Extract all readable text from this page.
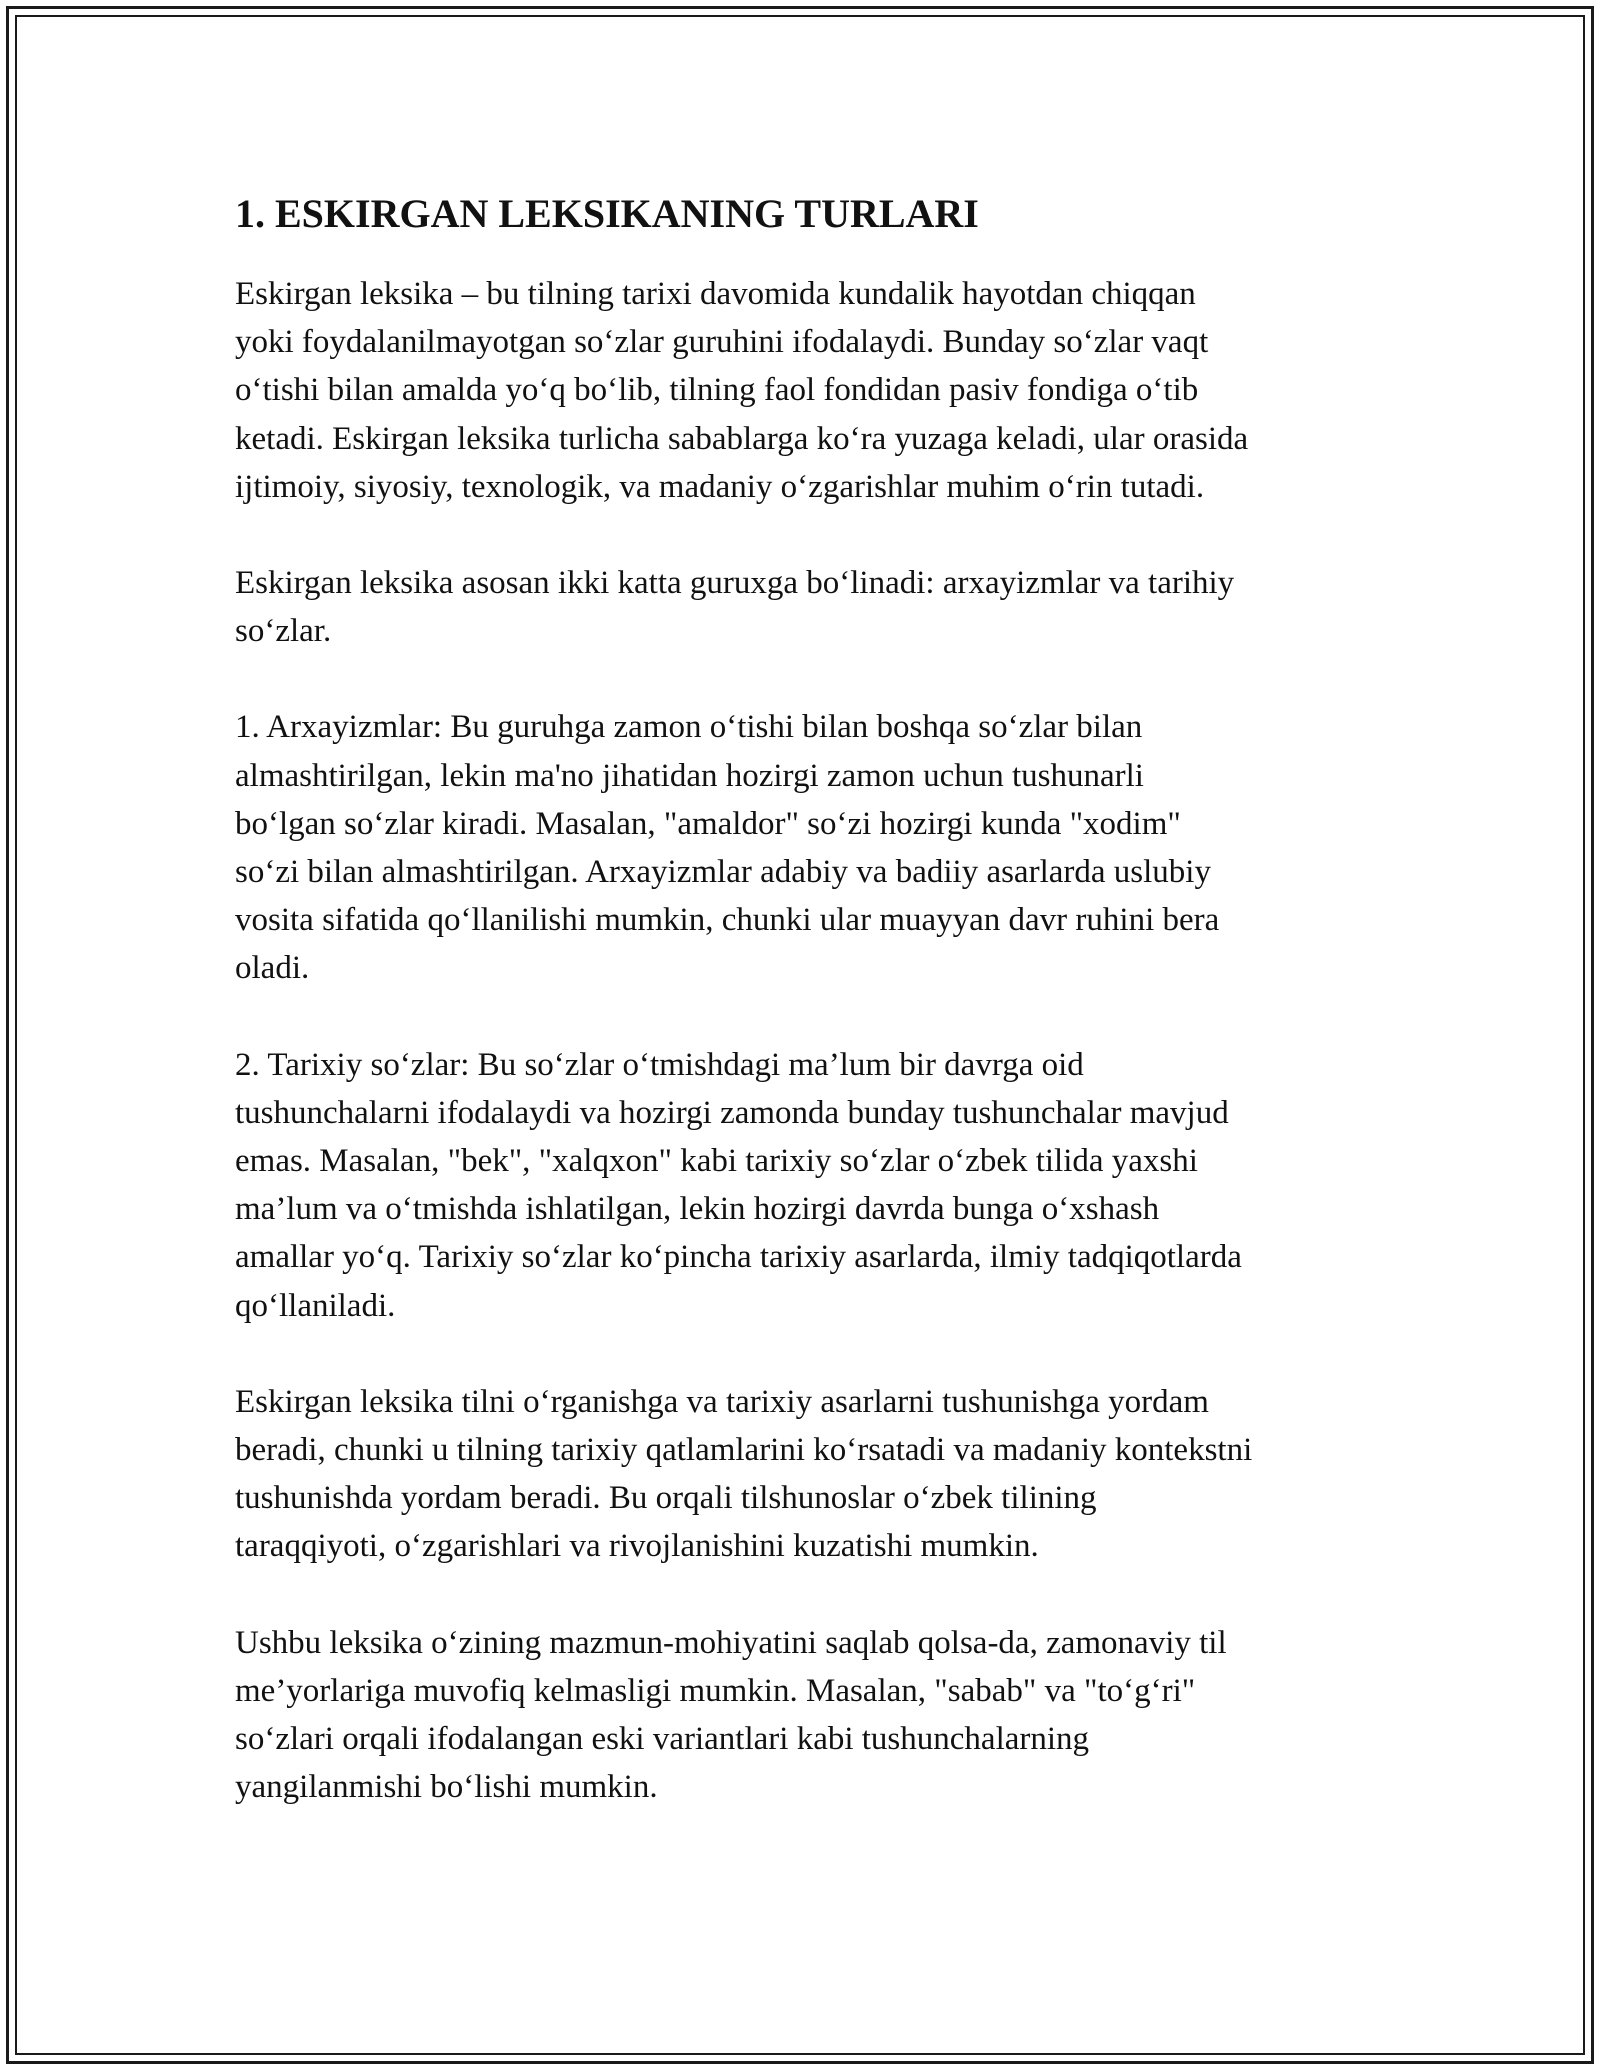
1. ESKIRGAN LEKSIKANING TURLARI

Eskirgan leksika – bu tilning tarixi davomida kundalik hayotdan chiqqan
yoki foydalanilmayotgan so‘zlar guruhini ifodalaydi. Bunday so‘zlar vaqt
o‘tishi bilan amalda yo‘q bo‘lib, tilning faol fondidan pasiv fondiga o‘tib
ketadi. Eskirgan leksika turlicha sabablarga ko‘ra yuzaga keladi, ular orasida
ijtimoiy, siyosiy, texnologik, va madaniy o‘zgarishlar muhim o‘rin tutadi.

Eskirgan leksika asosan ikki katta guruxga bo‘linadi: arxayizmlar va tarihiy
so‘zlar.

1. Arxayizmlar: Bu guruhga zamon o‘tishi bilan boshqa so‘zlar bilan
almashtirilgan, lekin ma'no jihatidan hozirgi zamon uchun tushunarli
bo‘lgan so‘zlar kiradi. Masalan, "amaldor" so‘zi hozirgi kunda "xodim"
so‘zi bilan almashtirilgan. Arxayizmlar adabiy va badiiy asarlarda uslubiy
vosita sifatida qo‘llanilishi mumkin, chunki ular muayyan davr ruhini bera
oladi.

2. Tarixiy so‘zlar: Bu so‘zlar o‘tmishdagi ma’lum bir davrga oid
tushunchalarni ifodalaydi va hozirgi zamonda bunday tushunchalar mavjud
emas. Masalan, "bek", "xalqxon" kabi tarixiy so‘zlar o‘zbek tilida yaxshi
ma’lum va o‘tmishda ishlatilgan, lekin hozirgi davrda bunga o‘xshash
amallar yo‘q. Tarixiy so‘zlar ko‘pincha tarixiy asarlarda, ilmiy tadqiqotlarda
qo‘llaniladi.

Eskirgan leksika tilni o‘rganishga va tarixiy asarlarni tushunishga yordam
beradi, chunki u tilning tarixiy qatlamlarini ko‘rsatadi va madaniy kontekstni
tushunishda yordam beradi. Bu orqali tilshunoslar o‘zbek tilining
taraqqiyoti, o‘zgarishlari va rivojlanishini kuzatishi mumkin.

Ushbu leksika o‘zining mazmun-mohiyatini saqlab qolsa-da, zamonaviy til
me’yorlariga muvofiq kelmasligi mumkin. Masalan, "sabab" va "to‘g‘ri"
so‘zlari orqali ifodalangan eski variantlari kabi tushunchalarning
yangilanmishi bo‘lishi mumkin.
